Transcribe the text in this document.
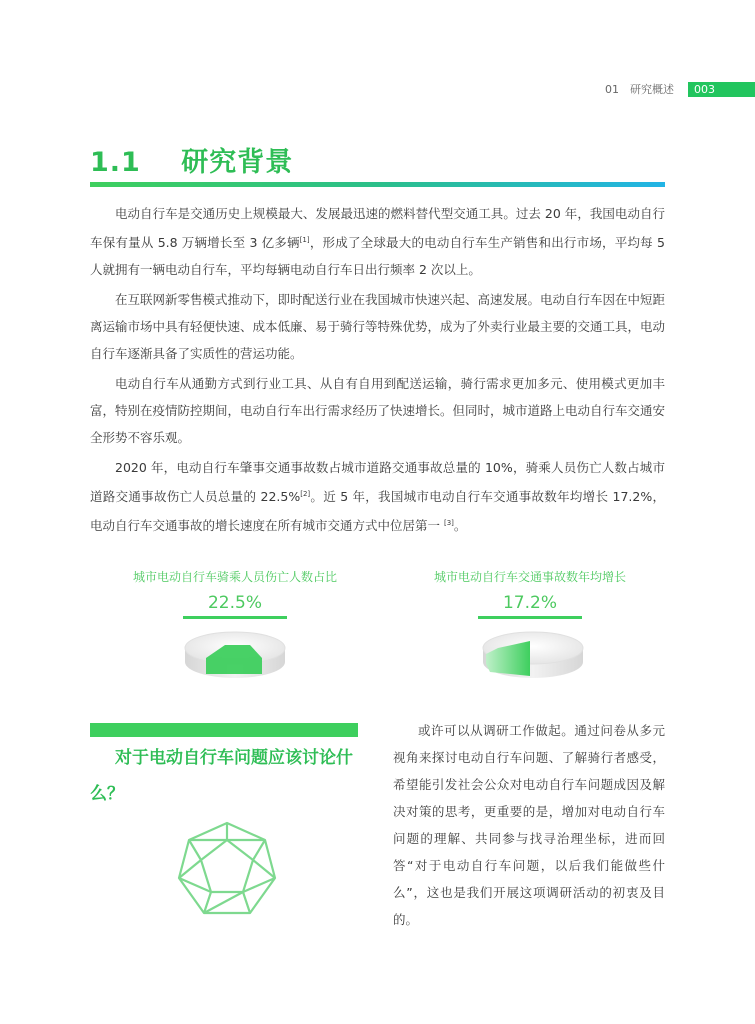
01　研究概述	003
1.1 研究背景

电动自行车是交通历史上规模最大、发展最迅速的燃料替代型交通工具。过去 20 年，我国电动自行车保有量从 5.8 万辆增长至 3 亿多辆[1]，形成了全球最大的电动自行车生产销售和出行市场，平均每 5 人就拥有一辆电动自行车，平均每辆电动自行车日出行频率 2 次以上。

在互联网新零售模式推动下，即时配送行业在我国城市快速兴起、高速发展。电动自行车因在中短距离运输市场中具有轻便快速、成本低廉、易于骑行等特殊优势，成为了外卖行业最主要的交通工具，电动自行车逐渐具备了实质性的营运功能。

电动自行车从通勤方式到行业工具、从自有自用到配送运输，骑行需求更加多元、使用模式更加丰富，特别在疫情防控期间，电动自行车出行需求经历了快速增长。但同时，城市道路上电动自行车交通安全形势不容乐观。

2020 年，电动自行车肇事交通事故数占城市道路交通事故总量的 10%，骑乘人员伤亡人数占城市道路交通事故伤亡人员总量的 22.5%[2]。近 5 年，我国城市电动自行车交通事故数年均增长 17.2%，电动自行车交通事故的增长速度在所有城市交通方式中位居第一 [3]。

城市电动自行车骑乘人员伤亡人数占比
22.5%
城市电动自行车交通事故数年均增长
17.2%
对于电动自行车问题应该讨论什么？

或许可以从调研工作做起。通过问卷从多元视角来探讨电动自行车问题、了解骑行者感受，希望能引发社会公众对电动自行车问题成因及解决对策的思考，更重要的是，增加对电动自行车问题的理解、共同参与找寻治理坐标，进而回答“对于电动自行车问题，以后我们能做些什么”，这也是我们开展这项调研活动的初衷及目的。
